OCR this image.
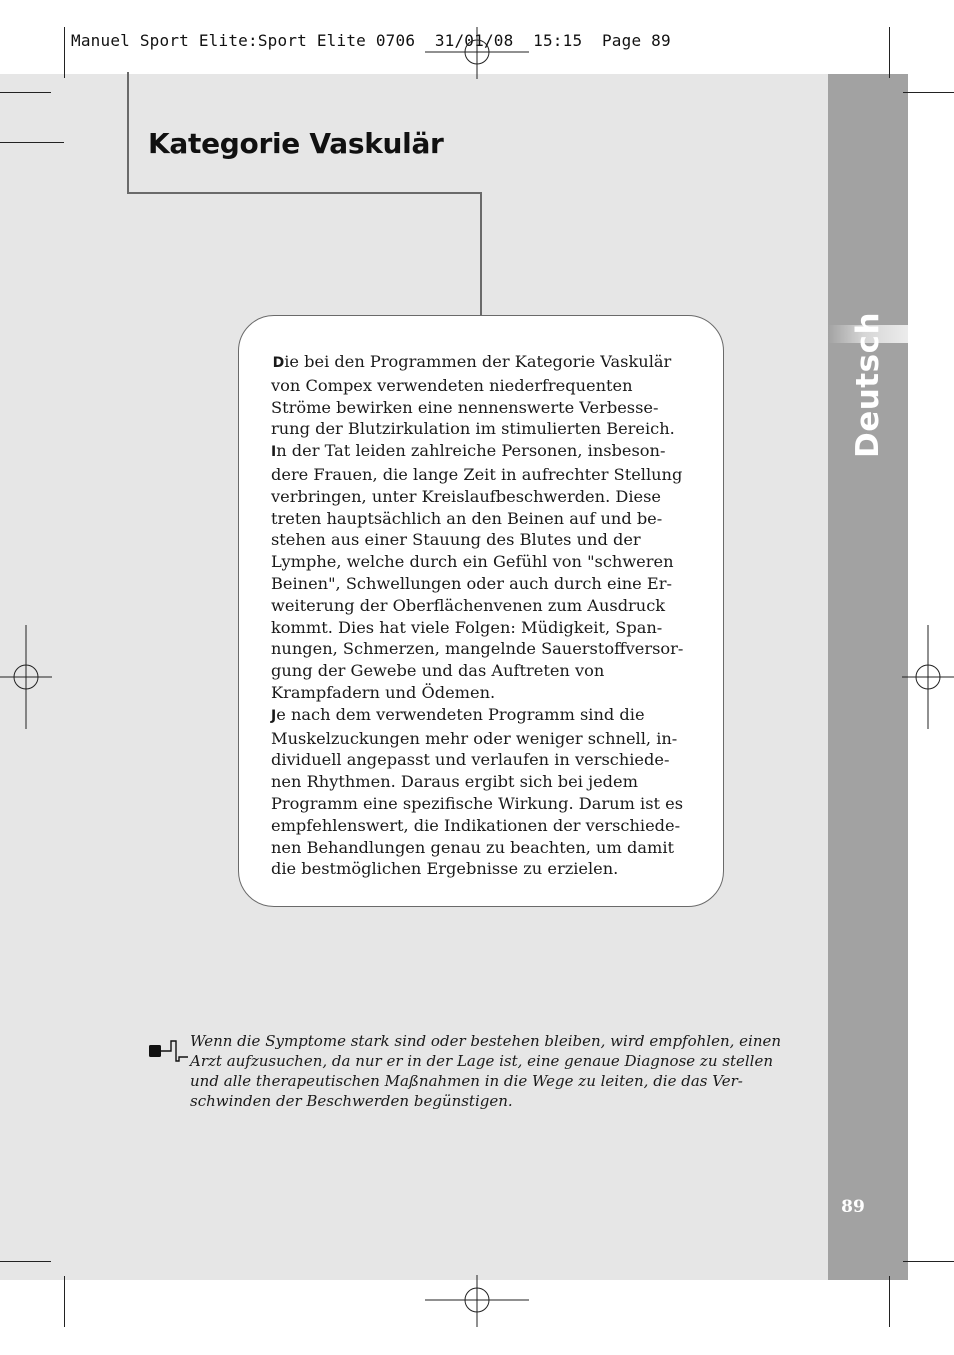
Manuel Sport Elite:Sport Elite 0706  31/01/08  15:15  Page 89
Deutsch
89
Kategorie Vaskulär
 Die bei den Programmen der Kategorie Vaskulär
von Compex verwendeten niederfrequenten
Ströme bewirken eine nennenswerte Verbesse-
rung der Blutzirkulation im stimulierten Bereich.
In der Tat leiden zahlreiche Personen, insbeson-
dere Frauen, die lange Zeit in aufrechter Stellung
verbringen, unter Kreislaufbeschwerden. Diese
treten hauptsächlich an den Beinen auf und be-
stehen aus einer Stauung des Blutes und der
Lymphe, welche durch ein Gefühl von "schweren
Beinen", Schwellungen oder auch durch eine Er-
weiterung der Oberflächenvenen zum Ausdruck
kommt. Dies hat viele Folgen: Müdigkeit, Span-
nungen, Schmerzen, mangelnde Sauerstoffversor-
gung der Gewebe und das Auftreten von
Krampfadern und Ödemen.
Je nach dem verwendeten Programm sind die
Muskelzuckungen mehr oder weniger schnell, in-
dividuell angepasst und verlaufen in verschiede-
nen Rhythmen. Daraus ergibt sich bei jedem
Programm eine spezifische Wirkung. Darum ist es
empfehlenswert, die Indikationen der verschiede-
nen Behandlungen genau zu beachten, um damit
die bestmöglichen Ergebnisse zu erzielen.
Wenn die Symptome stark sind oder bestehen bleiben, wird empfohlen, einen
Arzt aufzusuchen, da nur er in der Lage ist, eine genaue Diagnose zu stellen
und alle therapeutischen Maßnahmen in die Wege zu leiten, die das Ver-
schwinden der Beschwerden begünstigen.
